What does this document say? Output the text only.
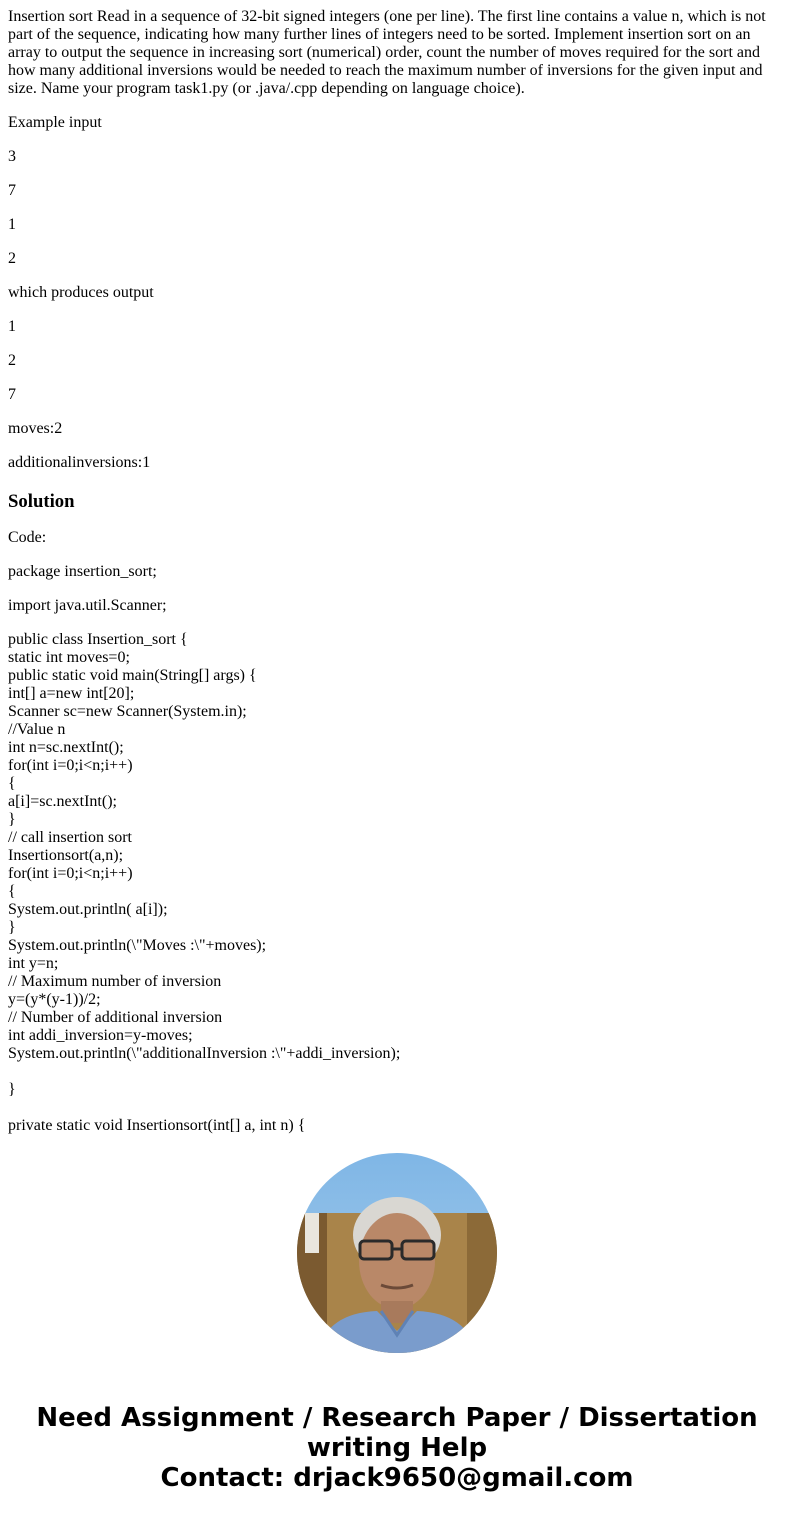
Insertion sort Read in a sequence of 32-bit signed integers (one per line). The first line contains a value n, which is not part of the sequence, indicating how many further lines of integers need to be sorted. Implement insertion sort on an array to output the sequence in increasing sort (numerical) order, count the number of moves required for the sort and how many additional inversions would be needed to reach the maximum number of inversions for the given input and size. Name your program task1.py (or .java/.cpp depending on language choice).

Example input

3

7

1

2

which produces output

1

2

7

moves:2

additionalinversions:1

Solution

Code:

package insertion_sort;

import java.util.Scanner;

public class Insertion_sort {
static int moves=0;
public static void main(String[] args) {
int[] a=new int[20];
Scanner sc=new Scanner(System.in);
//Value n
int n=sc.nextInt();
for(int i=0;i<n;i++)
{
a[i]=sc.nextInt();
}
// call insertion sort
Insertionsort(a,n);
for(int i=0;i<n;i++)
{
System.out.println( a[i]);
}
System.out.println(\"Moves :\"+moves);
int y=n;
// Maximum number of inversion
y=(y*(y-1))/2;
// Number of additional inversion
int addi_inversion=y-moves;
System.out.println(\"additionalInversion :\"+addi_inversion);
}
private static void Insertionsort(int[] a, int n) {
Need Assignment / Research Paper / Dissertation
writing Help
Contact: drjack9650@gmail.com
